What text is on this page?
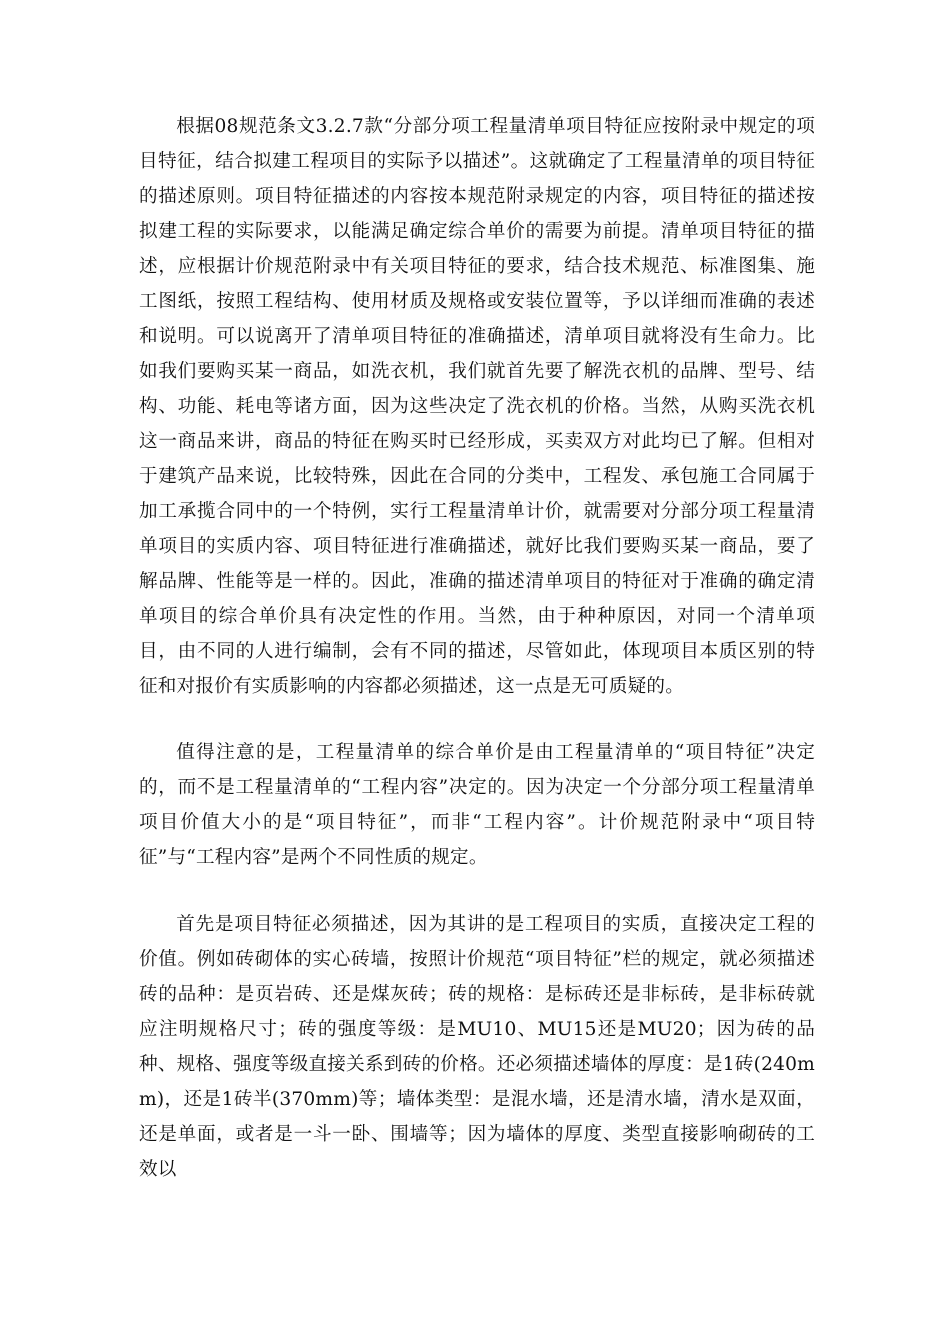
根据08规范条文3.2.7款“分部分项工程量清单项目特征应按附录中规定的项目特征，结合拟建工程项目的实际予以描述”。这就确定了工程量清单的项目特征的描述原则。项目特征描述的内容按本规范附录规定的内容，项目特征的描述按拟建工程的实际要求，以能满足确定综合单价的需要为前提。清单项目特征的描述，应根据计价规范附录中有关项目特征的要求，结合技术规范、标准图集、施工图纸，按照工程结构、使用材质及规格或安装位置等，予以详细而准确的表述和说明。可以说离开了清单项目特征的准确描述，清单项目就将没有生命力。比如我们要购买某一商品，如洗衣机，我们就首先要了解洗衣机的品牌、型号、结构、功能、耗电等诸方面，因为这些决定了洗衣机的价格。当然，从购买洗衣机这一商品来讲，商品的特征在购买时已经形成，买卖双方对此均已了解。但相对于建筑产品来说，比较特殊，因此在合同的分类中，工程发、承包施工合同属于加工承揽合同中的一个特例，实行工程量清单计价，就需要对分部分项工程量清单项目的实质内容、项目特征进行准确描述，就好比我们要购买某一商品，要了解品牌、性能等是一样的。因此，准确的描述清单项目的特征对于准确的确定清单项目的综合单价具有决定性的作用。当然，由于种种原因，对同一个清单项目，由不同的人进行编制，会有不同的描述，尽管如此，体现项目本质区别的特征和对报价有实质影响的内容都必须描述，这一点是无可质疑的。

值得注意的是，工程量清单的综合单价是由工程量清单的“项目特征”决定的，而不是工程量清单的“工程内容”决定的。因为决定一个分部分项工程量清单项目价值大小的是“项目特征”，而非“工程内容”。计价规范附录中“项目特征”与“工程内容”是两个不同性质的规定。

首先是项目特征必须描述，因为其讲的是工程项目的实质，直接决定工程的价值。例如砖砌体的实心砖墙，按照计价规范“项目特征”栏的规定，就必须描述砖的品种：是页岩砖、还是煤灰砖；砖的规格：是标砖还是非标砖，是非标砖就应注明规格尺寸；砖的强度等级：是MU10、MU15还是MU20；因为砖的品种、规格、强度等级直接关系到砖的价格。还必须描述墙体的厚度：是1砖(240mm)，还是1砖半(370mm)等；墙体类型：是混水墙，还是清水墙，清水是双面，还是单面，或者是一斗一卧、围墙等；因为墙体的厚度、类型直接影响砌砖的工效以
